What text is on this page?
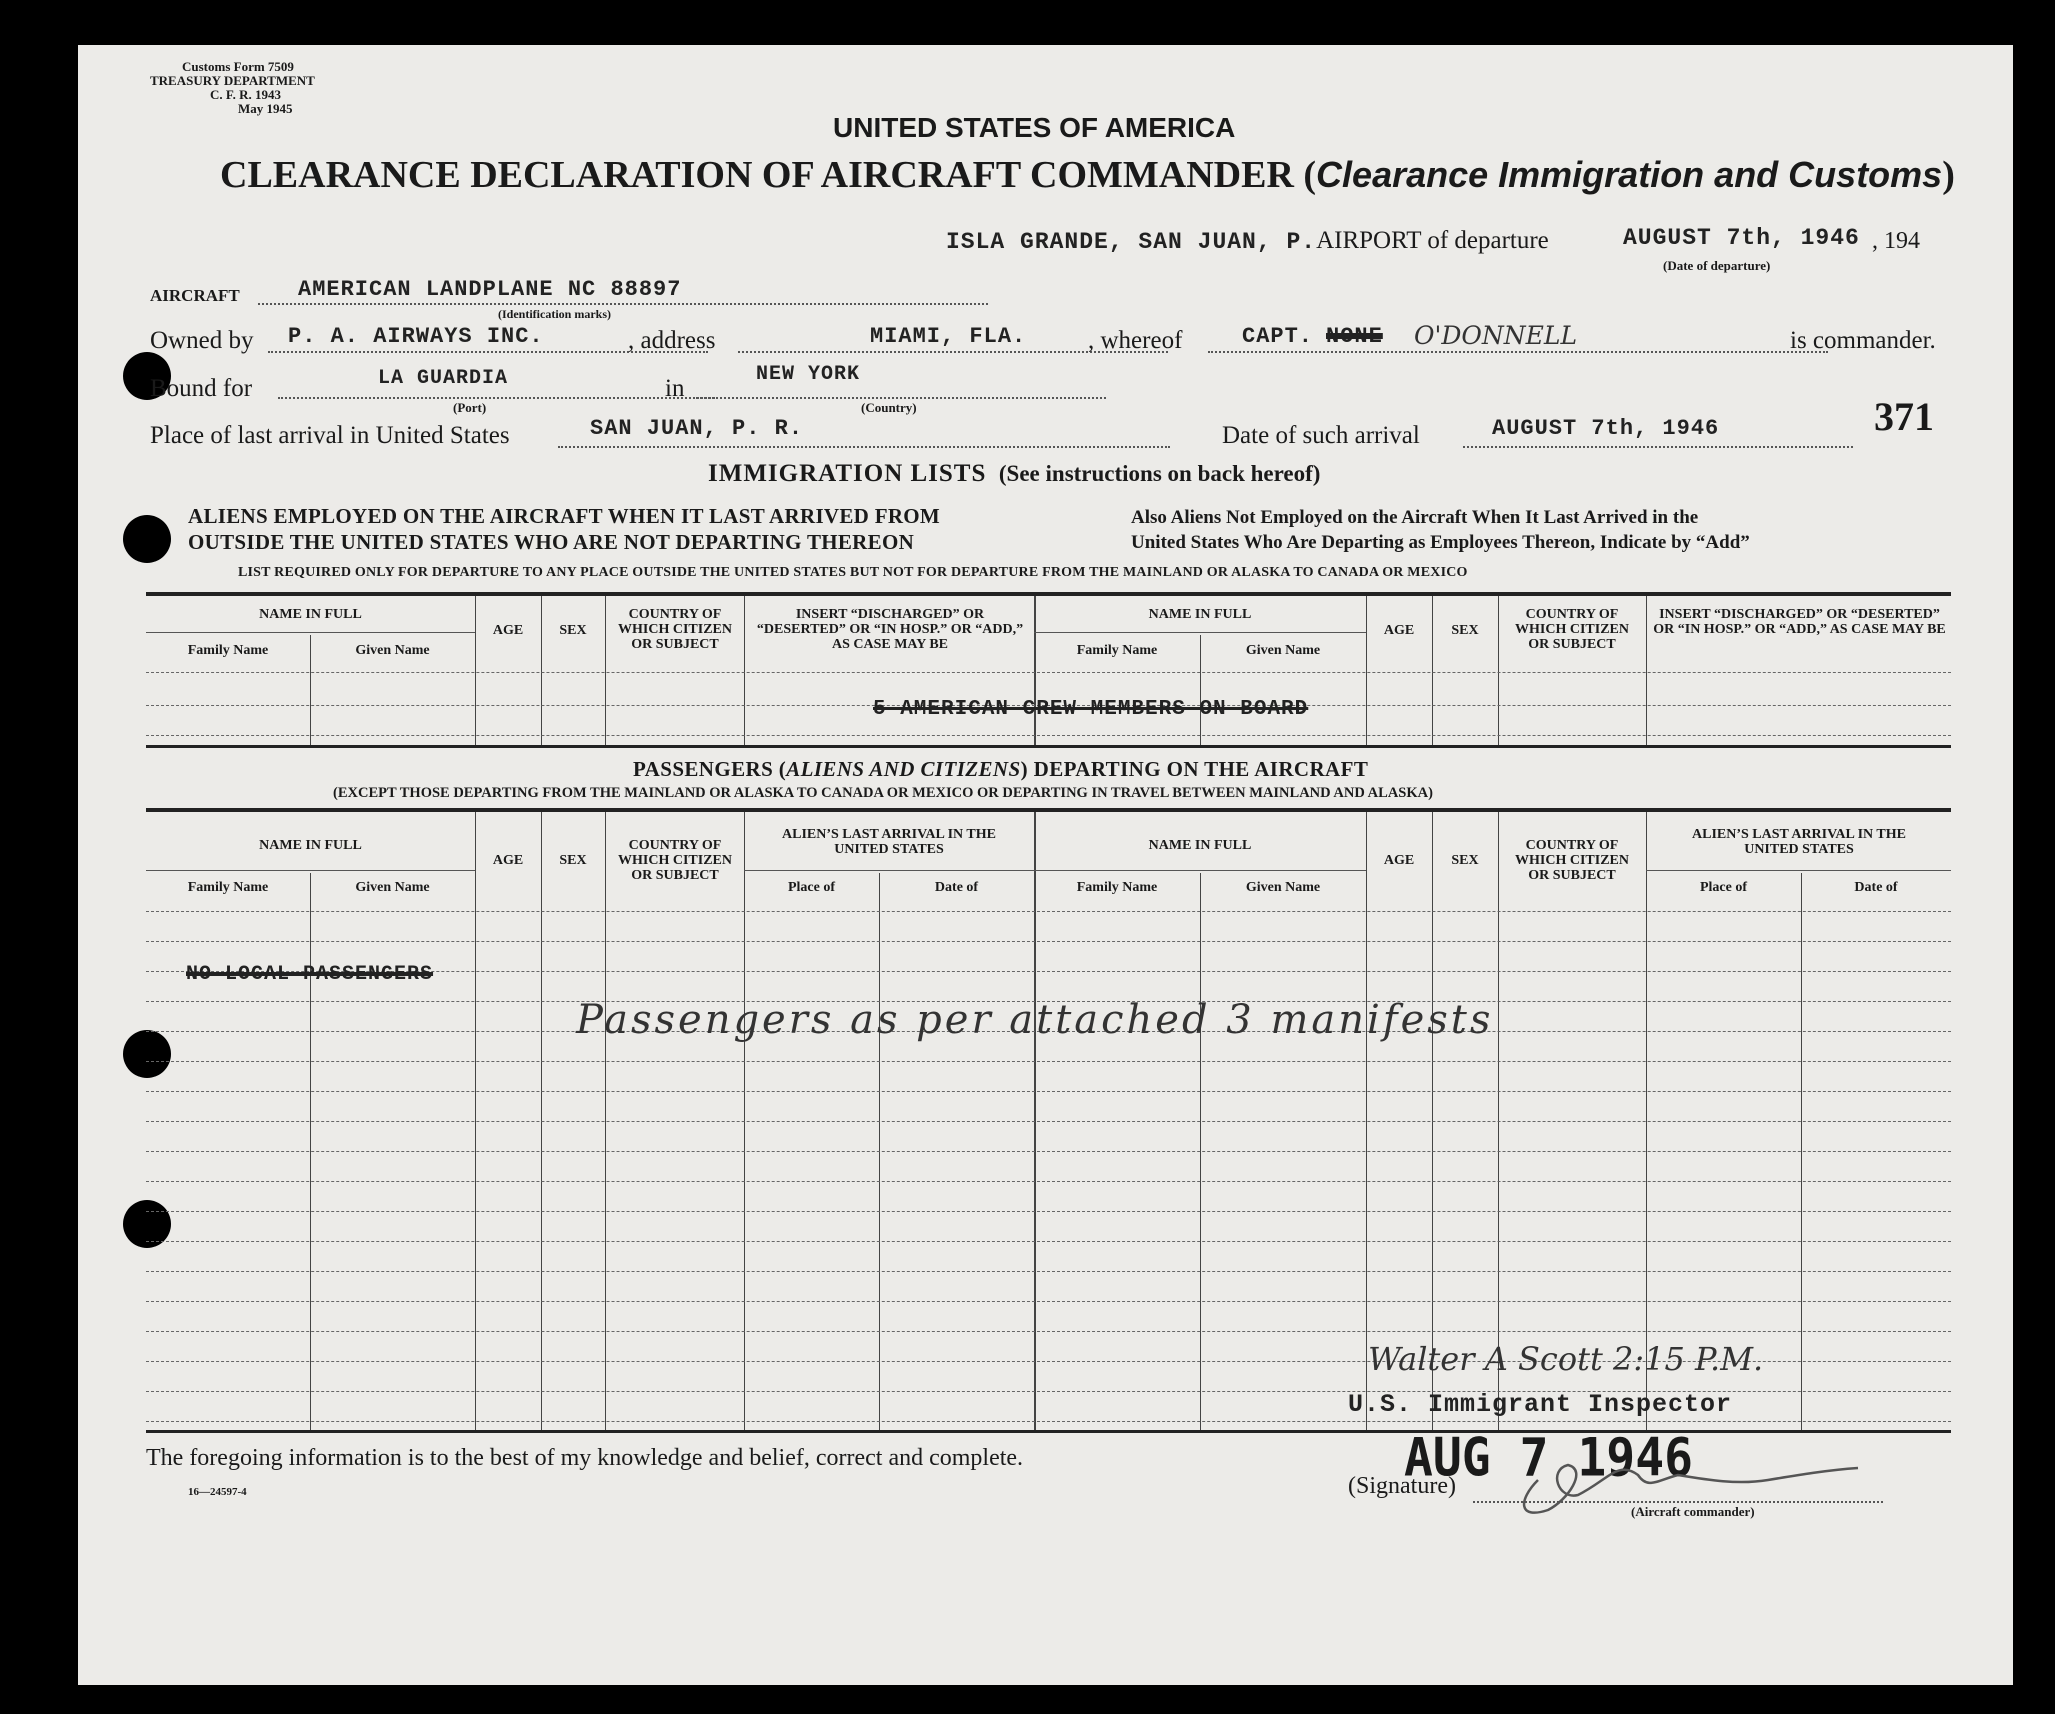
Customs Form 7509
TREASURY DEPARTMENT
C. F. R. 1943
May 1945
UNITED STATES OF AMERICA
CLEARANCE DECLARATION OF AIRCRAFT COMMANDER (Clearance Immigration and Customs)
ISLA GRANDE, SAN JUAN, P.AIRPORT of departure	AUGUST 7th, 1946 , 194
(Date of departure)
AIRCRAFT	AMERICAN LANDPLANE NC 88897
(Identification marks)
Owned by P. A. AIRWAYS INC.	, address	MIAMI, FLA. , whereof	CAPT. NONE O'DONNELL	is commander.
Bound for	LA GUARDIA
(Port)
in
NEW YORK
(Country)
Place of last arrival in United States	SAN JUAN, P. R.	Date of such arrival	AUGUST 7th, 1946	371
IMMIGRATION LISTS (See instructions on back hereof)
ALIENS EMPLOYED ON THE AIRCRAFT WHEN IT LAST ARRIVED FROM
OUTSIDE THE UNITED STATES WHO ARE NOT DEPARTING THEREON
Also Aliens Not Employed on the Aircraft When It Last Arrived in the
United States Who Are Departing as Employees Thereon, Indicate by “Add”
LIST REQUIRED ONLY FOR DEPARTURE TO ANY PLACE OUTSIDE THE UNITED STATES BUT NOT FOR DEPARTURE FROM THE MAINLAND OR ALASKA TO CANADA OR MEXICO
NAME IN FULL
Family Name	Given Name
AGE	SEX
COUNTRY OF WHICH CITIZEN OR SUBJECT
INSERT “DISCHARGED” OR “DESERTED” OR “IN HOSP.” OR “ADD,” AS CASE MAY BE
NAME IN FULL
Family Name	Given Name
AGE	SEX
COUNTRY OF WHICH CITIZEN OR SUBJECT
INSERT “DISCHARGED” OR “DESERTED” OR “IN HOSP.” OR “ADD,” AS CASE MAY BE
5 AMERICAN CREW MEMBERS ON BOARD
PASSENGERS (ALIENS AND CITIZENS) DEPARTING ON THE AIRCRAFT
(EXCEPT THOSE DEPARTING FROM THE MAINLAND OR ALASKA TO CANADA OR MEXICO OR DEPARTING IN TRAVEL BETWEEN MAINLAND AND ALASKA)
NAME IN FULL
Family Name	Given Name
AGE	SEX
COUNTRY OF WHICH CITIZEN OR SUBJECT
ALIEN’S LAST ARRIVAL IN THE UNITED STATES
Place of	Date of
NAME IN FULL
Family Name	Given Name
AGE	SEX
COUNTRY OF WHICH CITIZEN OR SUBJECT
ALIEN’S LAST ARRIVAL IN THE UNITED STATES
Place of	Date of
NO LOCAL PASSENGERS
Passengers as per attached 3 manifests
Walter A Scott 2:15 P.M.
U.S. Immigrant Inspector
AUG 7 1946
The foregoing information is to the best of my knowledge and belief, correct and complete.
16—24597-4	(Signature)
(Aircraft commander)
